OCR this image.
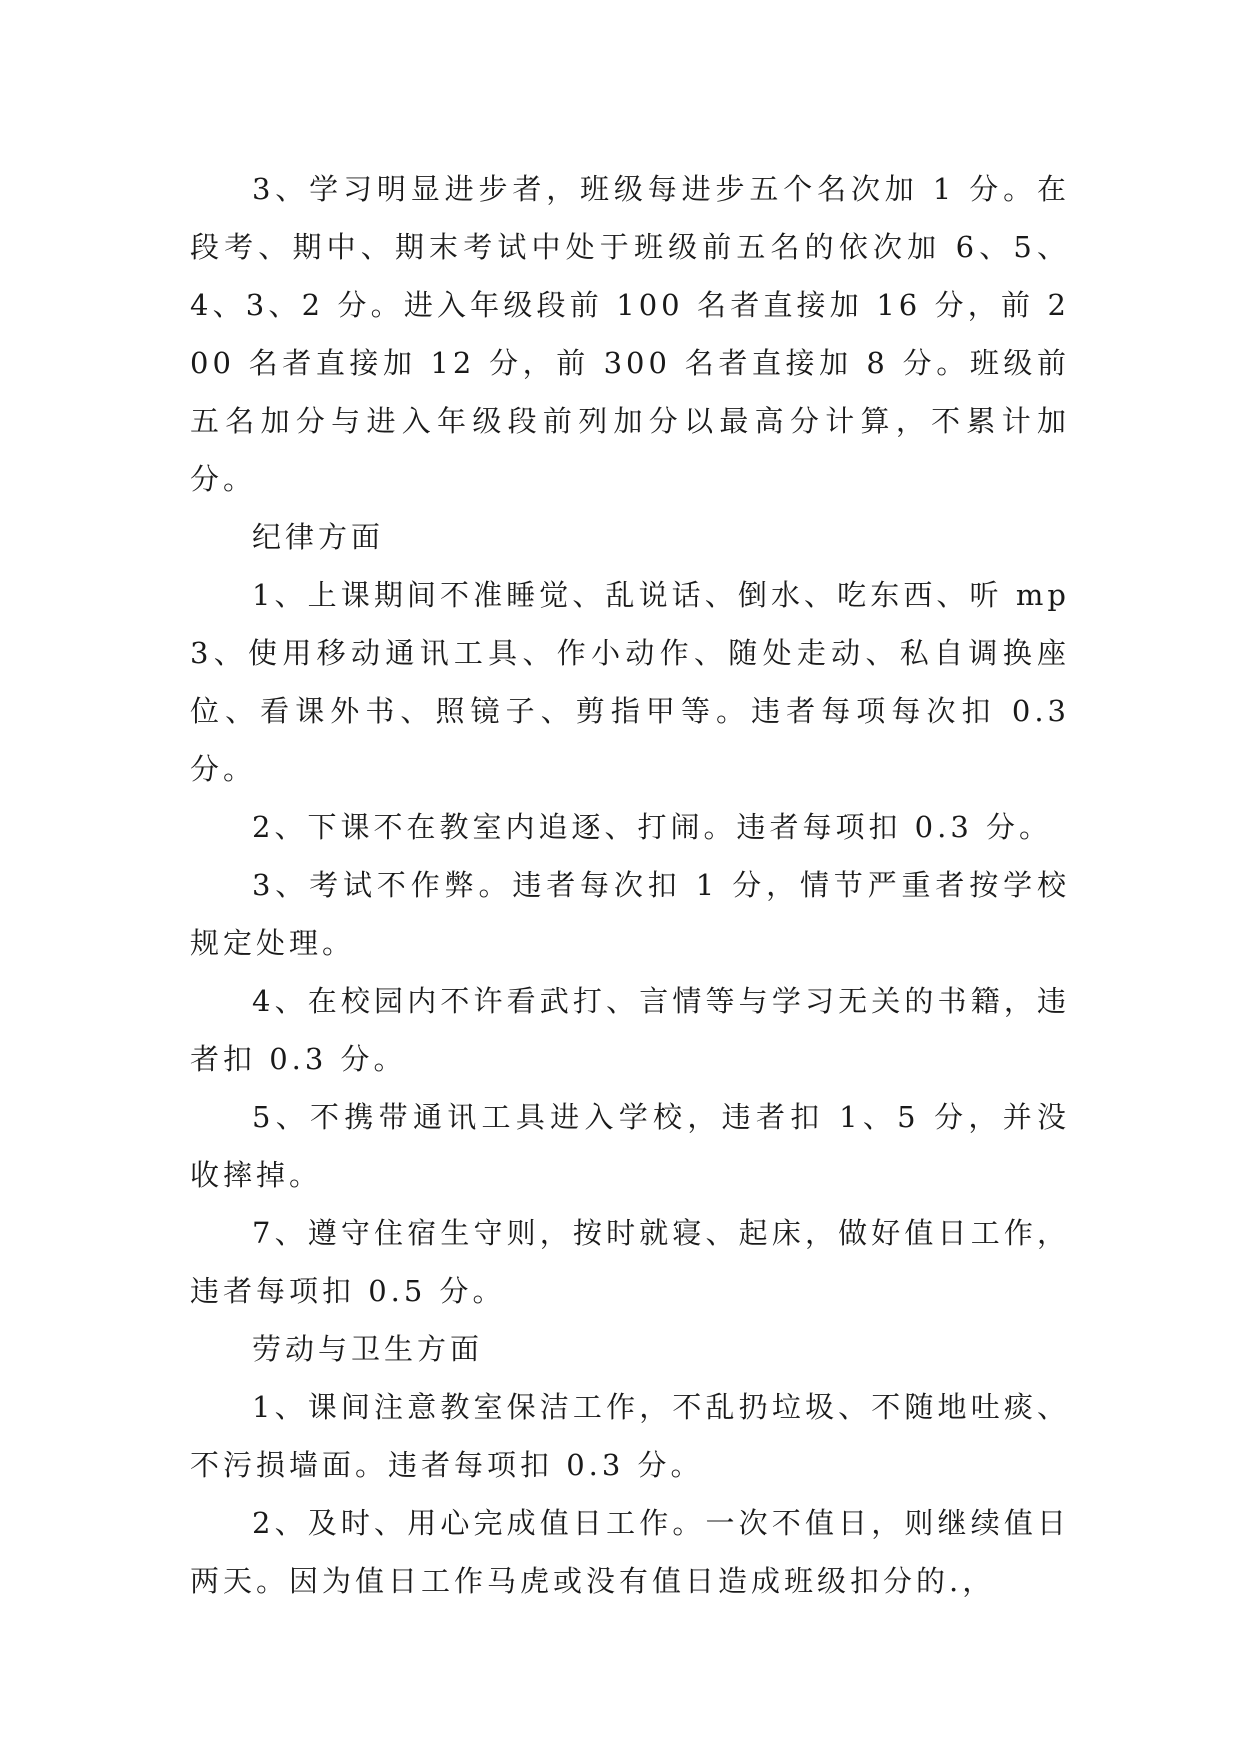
3、学习明显进步者，班级每进步五个名次加 1 分。在段考、期中、期末考试中处于班级前五名的依次加 6、5、4、3、2 分。进入年级段前 100 名者直接加 16 分，前 200 名者直接加 12 分，前 300 名者直接加 8 分。班级前五名加分与进入年级段前列加分以最高分计算，不累计加分。

纪律方面

1、上课期间不准睡觉、乱说话、倒水、吃东西、听 mp3、使用移动通讯工具、作小动作、随处走动、私自调换座位、看课外书、照镜子、剪指甲等。违者每项每次扣 0.3 分。

2、下课不在教室内追逐、打闹。违者每项扣 0.3 分。

3、考试不作弊。违者每次扣 1 分，情节严重者按学校规定处理。

4、在校园内不许看武打、言情等与学习无关的书籍，违者扣 0.3 分。

5、不携带通讯工具进入学校，违者扣 1、5 分，并没收摔掉。

7、遵守住宿生守则，按时就寝、起床，做好值日工作，违者每项扣 0.5 分。

劳动与卫生方面

1、课间注意教室保洁工作，不乱扔垃圾、不随地吐痰、不污损墙面。违者每项扣 0.3 分。

2、及时、用心完成值日工作。一次不值日，则继续值日两天。因为值日工作马虎或没有值日造成班级扣分的.，
